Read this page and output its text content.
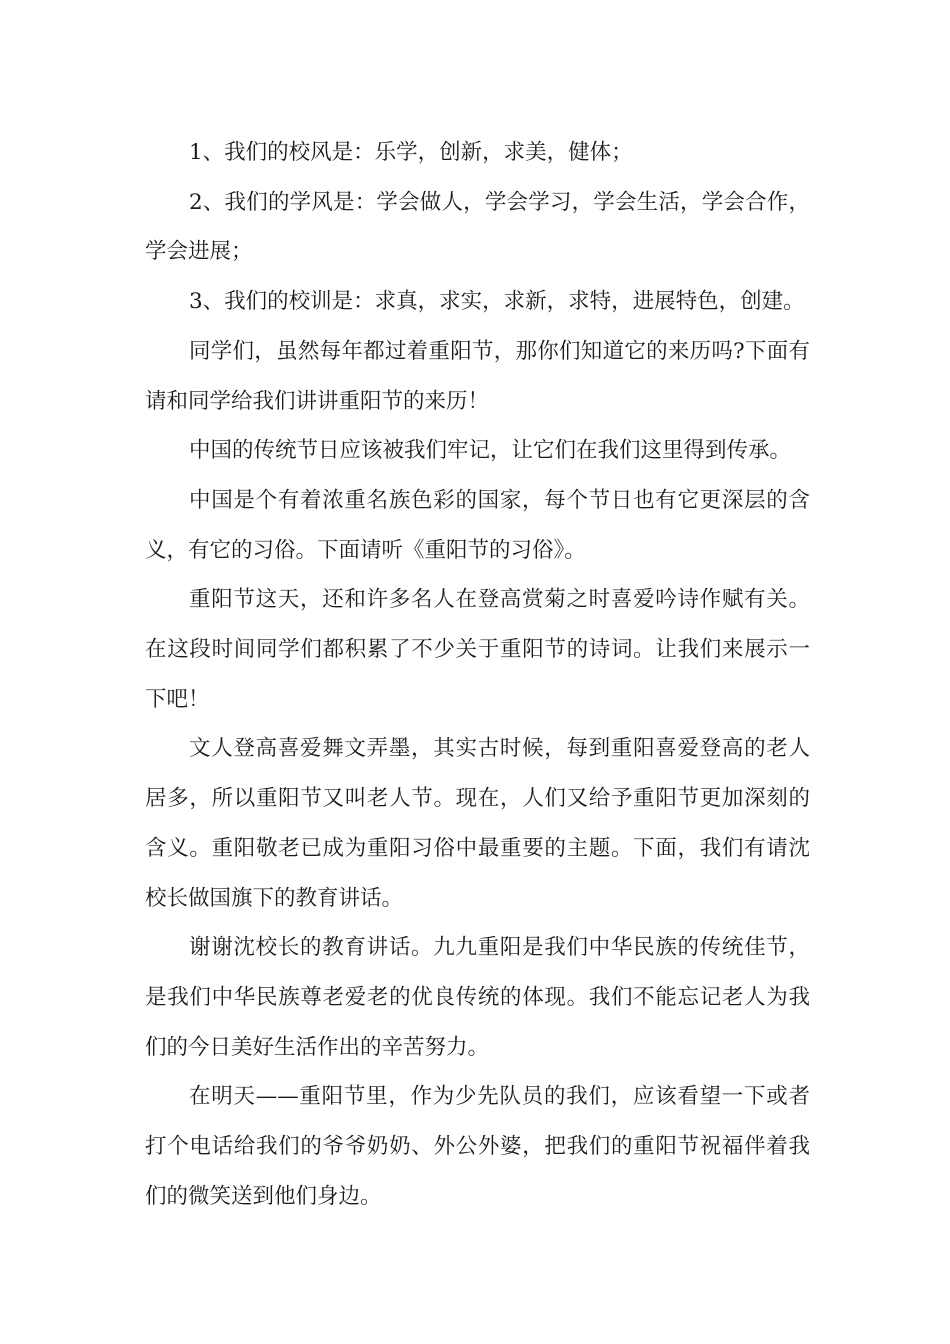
1、我们的校风是：乐学，创新，求美，健体；

2、我们的学风是：学会做人，学会学习，学会生活，学会合作，学会进展；

3、我们的校训是：求真，求实，求新，求特，进展特色，创建。

同学们，虽然每年都过着重阳节，那你们知道它的来历吗?下面有请和同学给我们讲讲重阳节的来历！

中国的传统节日应该被我们牢记，让它们在我们这里得到传承。

中国是个有着浓重名族色彩的国家，每个节日也有它更深层的含义，有它的习俗。下面请听《重阳节的习俗》。

重阳节这天，还和许多名人在登高赏菊之时喜爱吟诗作赋有关。在这段时间同学们都积累了不少关于重阳节的诗词。让我们来展示一下吧！

文人登高喜爱舞文弄墨，其实古时候，每到重阳喜爱登高的老人居多，所以重阳节又叫老人节。现在，人们又给予重阳节更加深刻的含义。重阳敬老已成为重阳习俗中最重要的主题。下面，我们有请沈校长做国旗下的教育讲话。

谢谢沈校长的教育讲话。九九重阳是我们中华民族的传统佳节，是我们中华民族尊老爱老的优良传统的体现。我们不能忘记老人为我们的今日美好生活作出的辛苦努力。

在明天——重阳节里，作为少先队员的我们，应该看望一下或者打个电话给我们的爷爷奶奶、外公外婆，把我们的重阳节祝福伴着我们的微笑送到他们身边。
